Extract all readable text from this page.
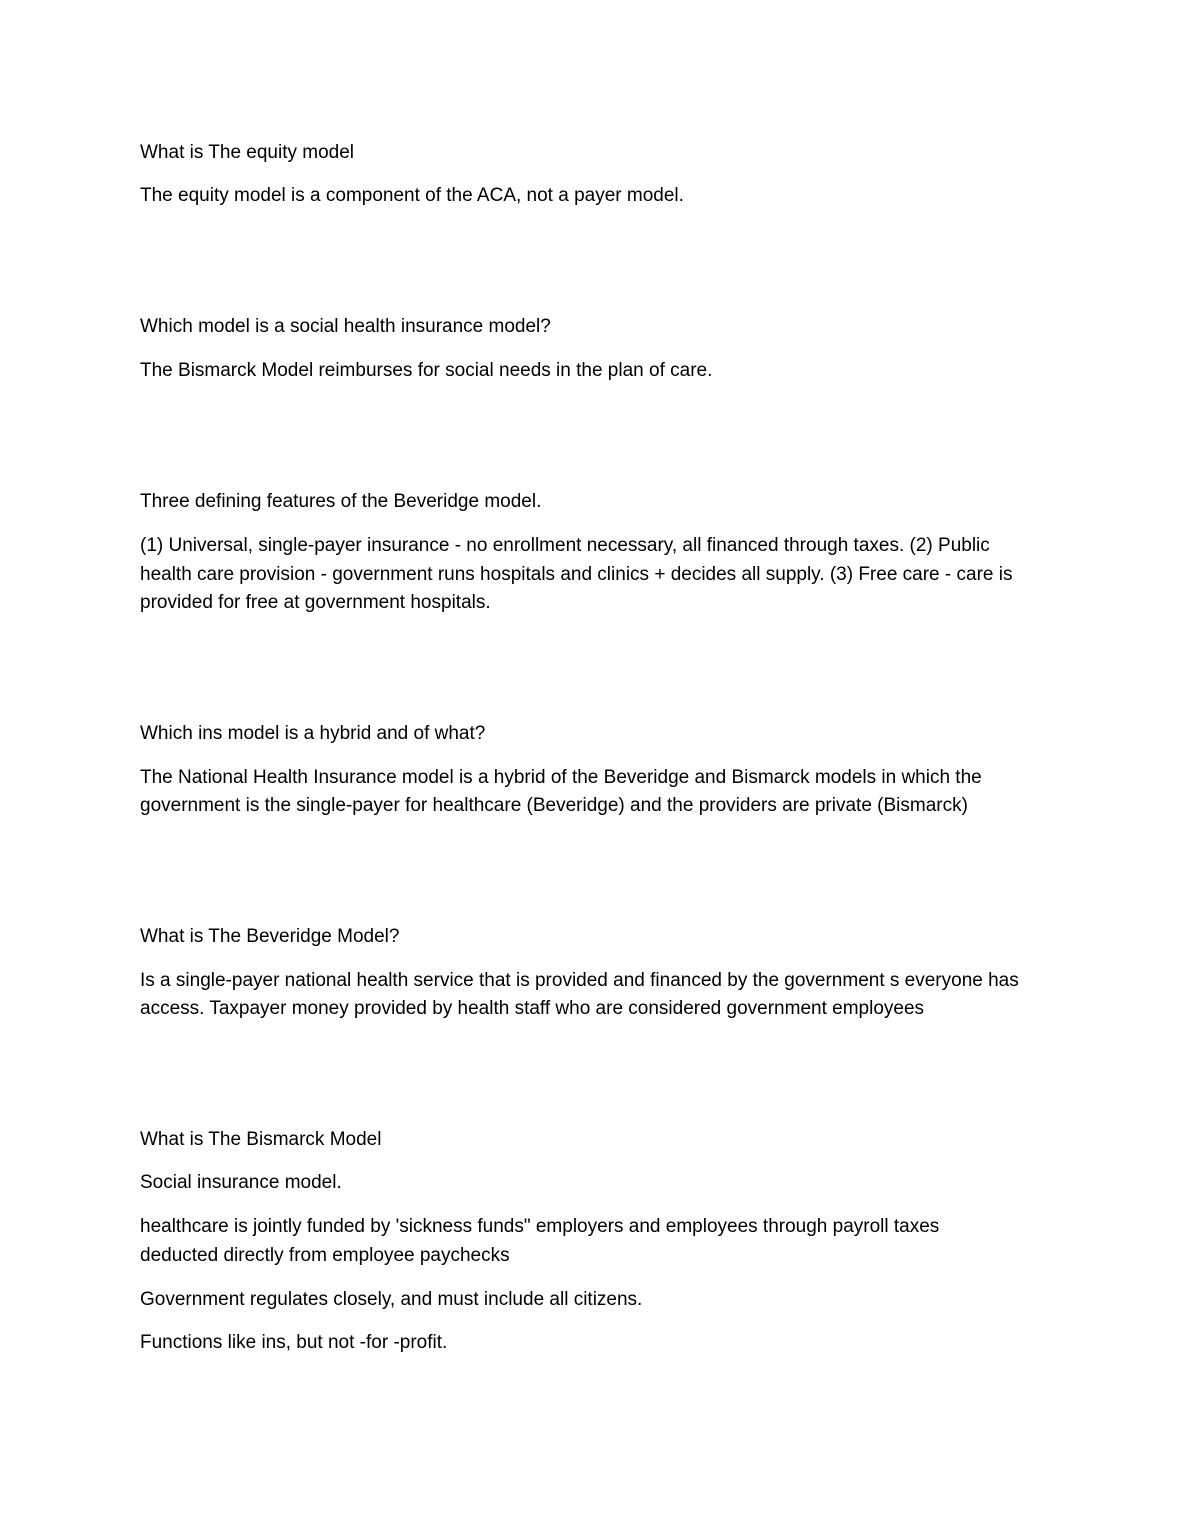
What is The equity model

The equity model is a component of the ACA, not a payer model.

Which model is a social health insurance model?

The Bismarck Model reimburses for social needs in the plan of care.

Three defining features of the Beveridge model.

(1) Universal, single-payer insurance - no enrollment necessary, all financed through taxes. (2) Public

health care provision - government runs hospitals and clinics + decides all supply. (3) Free care - care is

provided for free at government hospitals.

Which ins model is a hybrid and of what?

The National Health Insurance model is a hybrid of the Beveridge and Bismarck models in which the

government is the single-payer for healthcare (Beveridge) and the providers are private (Bismarck)

What is The Beveridge Model?

Is a single-payer national health service that is provided and financed by the government s everyone has

access. Taxpayer money provided by health staff who are considered government employees

What is The Bismarck Model

Social insurance model.

healthcare is jointly funded by 'sickness funds" employers and employees through payroll taxes

deducted directly from employee paychecks

Government regulates closely, and must include all citizens.

Functions like ins, but not -for -profit.
